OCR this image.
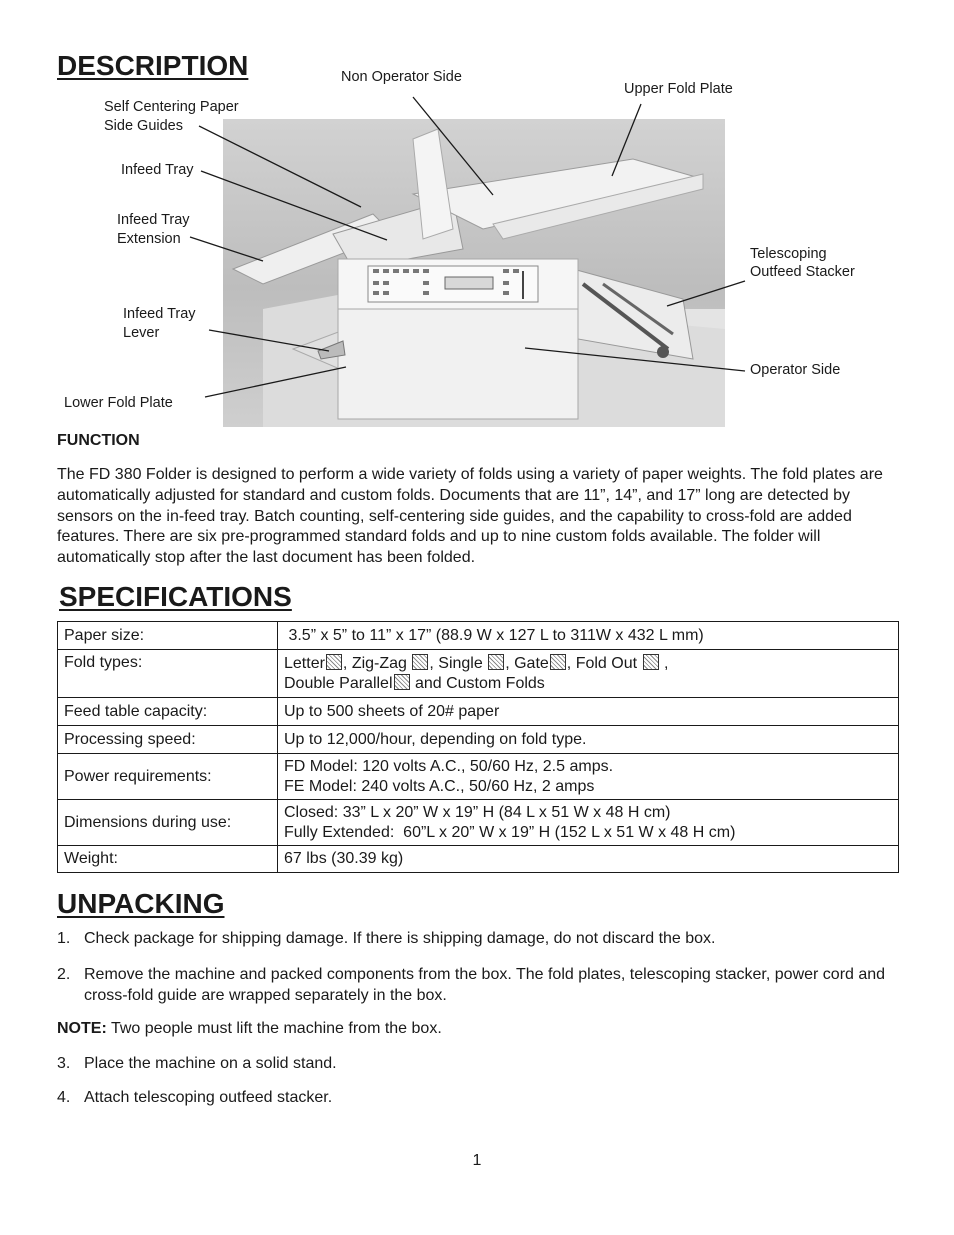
DESCRIPTION	Non Operator Side
Upper Fold Plate
Self Centering Paper
Side Guides
Infeed Tray
Infeed Tray
Extension
Telescoping
Outfeed Stacker
Infeed Tray
Lever
Operator Side
Lower Fold Plate
FUNCTION

The FD 380 Folder is designed to perform a wide variety of folds using a variety of paper weights. The fold plates are automatically adjusted for standard and custom folds. Documents that are 11”, 14”, and 17” long are detected by sensors on the in-feed tray. Batch counting, self-centering side guides, and the capability to cross-fold are added features. There are six pre-programmed standard folds and up to nine custom folds available. The folder will automatically stop after the last document has been folded.

SPECIFICATIONS
Paper size:	3.5” x 5” to 11” x 17” (88.9 W x 127 L to 311W x 432 L mm)
Fold types:	Letter , Zig-Zag , Single , Gate , Fold Out  ,
Double Parallel and Custom Folds

Feed table capacity:	Up to 500 sheets of 20# paper
Processing speed:	Up to 12,000/hour, depending on fold type.
Power requirements:	FD Model: 120 volts A.C., 50/60 Hz, 2.5 amps.
FE Model: 240 volts A.C., 50/60 Hz, 2 amps

Dimensions during use:	Closed: 33” L x 20” W x 19” H (84 L x 51 W x 48 H cm)
Fully Extended:  60”L x 20” W x 19” H (152 L x 51 W x 48 H cm)

Weight:	67 lbs (30.39 kg)
UNPACKING
1. Check package for shipping damage. If there is shipping damage, do not discard the box.
2. Remove the machine and packed components from the box. The fold plates, telescoping stacker, power cord and cross-fold guide are wrapped separately in the box.
3. Place the machine on a solid stand.
4. Attach telescoping outfeed stacker.
NOTE: Two people must lift the machine from the box.
1
